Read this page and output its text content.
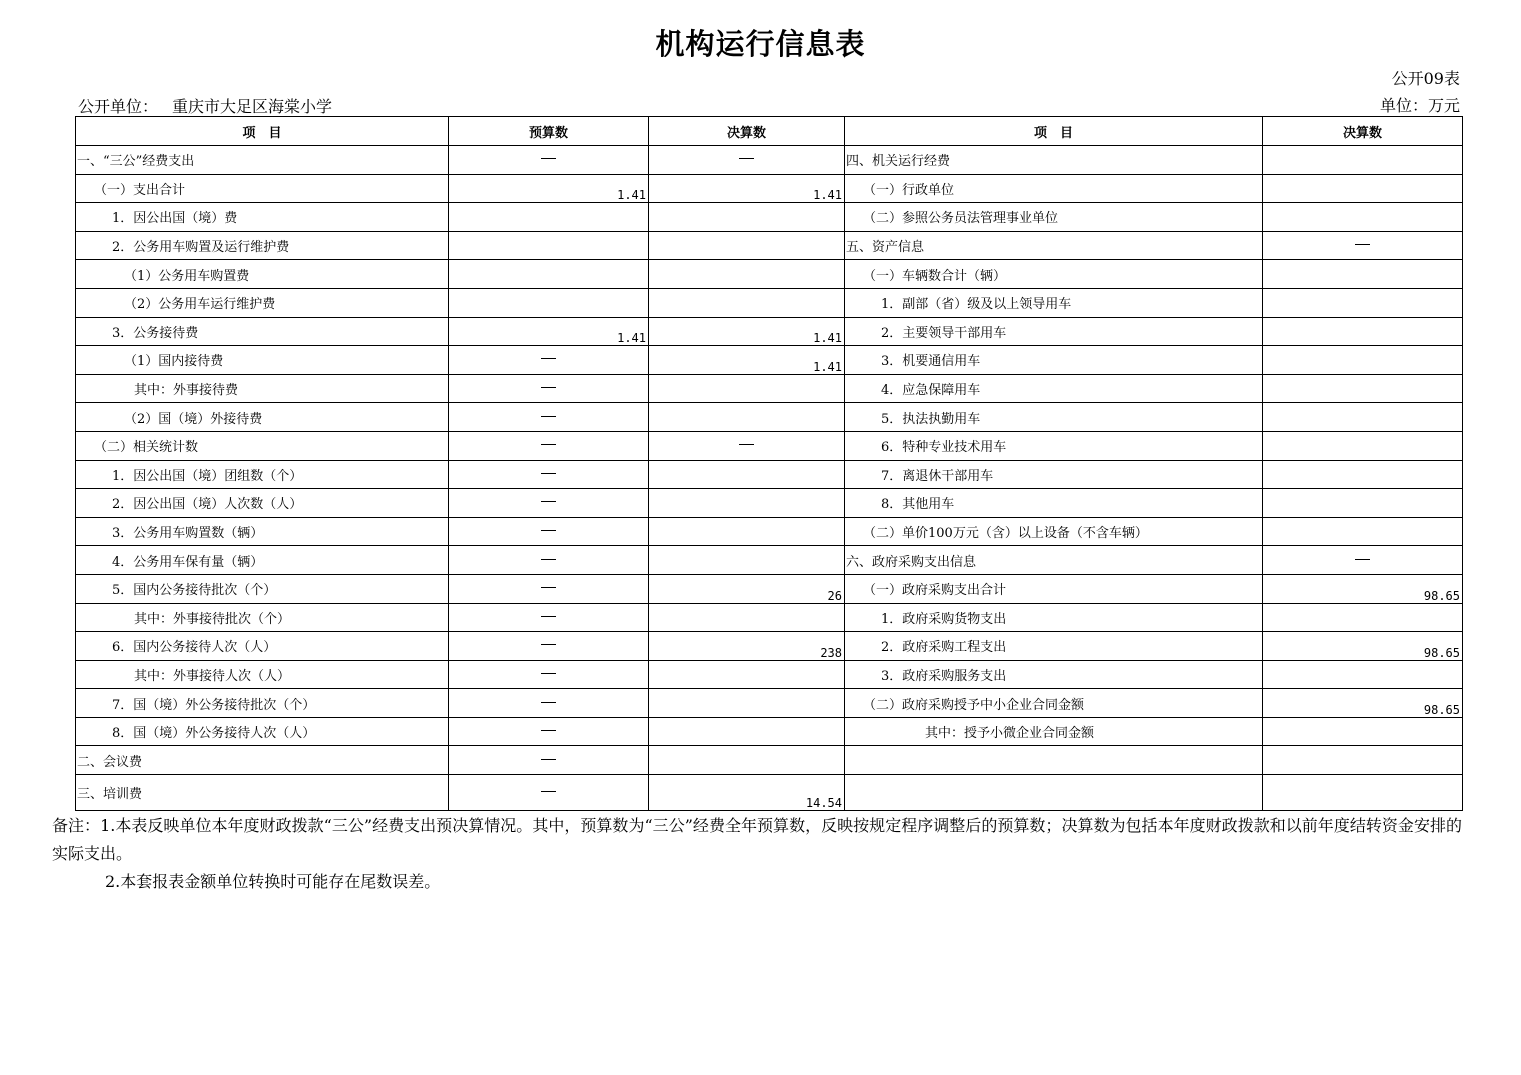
机构运行信息表
公开09表
公开单位： 重庆市大足区海棠小学	单位：万元
项　目	预算数	决算数	项　目	决算数
一、“三公”经费支出			四、机关运行经费	
（一）支出合计	1.41	1.41	（一）行政单位	
1．因公出国（境）费			（二）参照公务员法管理事业单位	
2．公务用车购置及运行维护费			五、资产信息	
（1）公务用车购置费			（一）车辆数合计（辆）	
（2）公务用车运行维护费			1．副部（省）级及以上领导用车	
3．公务接待费	1.41	1.41	2．主要领导干部用车	
（1）国内接待费		1.41	3．机要通信用车	
其中：外事接待费			4．应急保障用车	
（2）国（境）外接待费			5．执法执勤用车	
（二）相关统计数			6．特种专业技术用车	
1．因公出国（境）团组数（个）			7．离退休干部用车	
2．因公出国（境）人次数（人）			8．其他用车	
3．公务用车购置数（辆）			（二）单价100万元（含）以上设备（不含车辆）	
4．公务用车保有量（辆）			六、政府采购支出信息	
5．国内公务接待批次（个）		26	（一）政府采购支出合计	98.65
其中：外事接待批次（个）			1．政府采购货物支出	
6．国内公务接待人次（人）		238	2．政府采购工程支出	98.65
其中：外事接待人次（人）			3．政府采购服务支出	
7．国（境）外公务接待批次（个）			（二）政府采购授予中小企业合同金额	98.65
8．国（境）外公务接待人次（人）			其中：授予小微企业合同金额	
二、会议费				
三、培训费		14.54		

备注：1.本表反映单位本年度财政拨款“三公”经费支出预决算情况。其中，预算数为“三公”经费全年预算数，反映按规定程序调整后的预算数；决算数为包括本年度财政拨款和以前年度结转资金安排的实际支出。

2.本套报表金额单位转换时可能存在尾数误差。
